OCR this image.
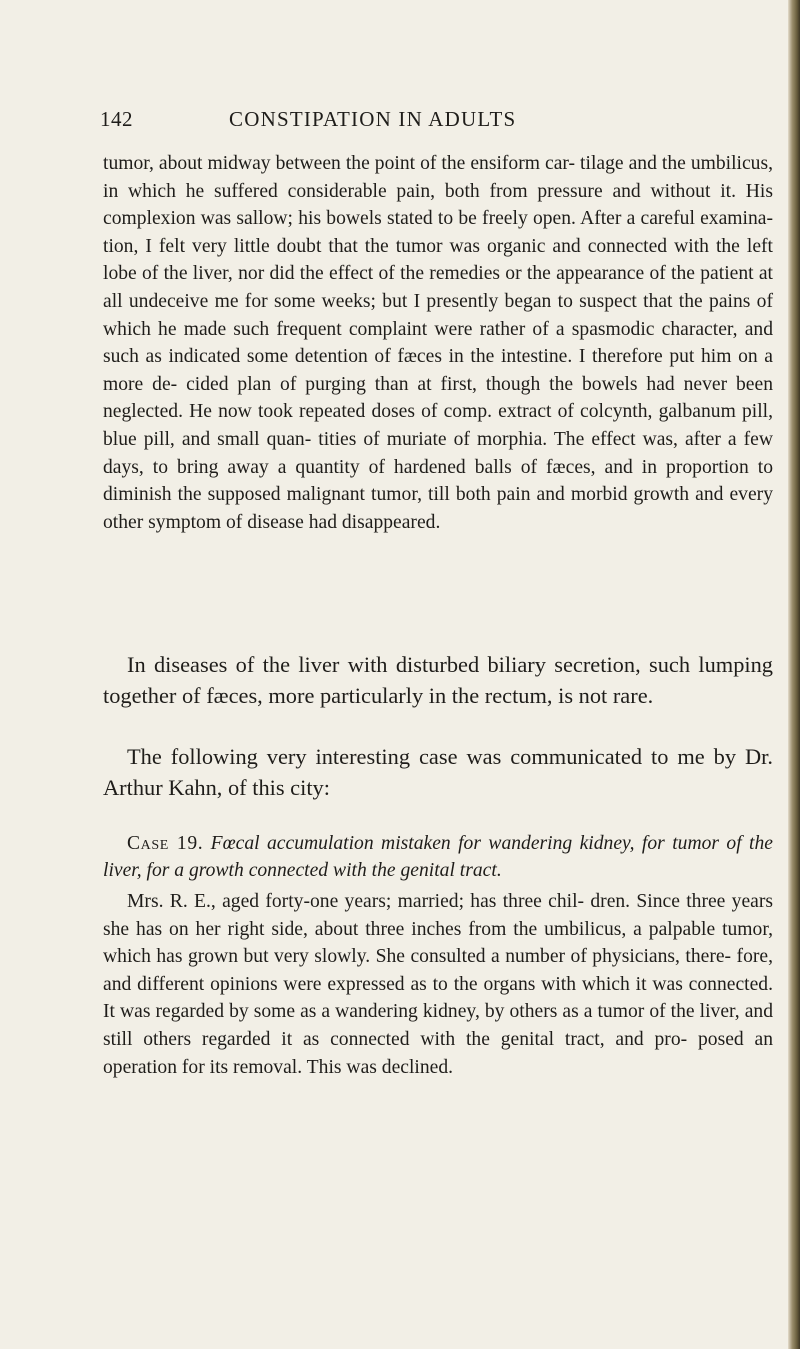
142	CONSTIPATION IN ADULTS

tumor, about midway between the point of the ensiform car- tilage and the umbilicus, in which he suffered considerable pain, both from pressure and without it. His complexion was sallow; his bowels stated to be freely open. After a careful examina- tion, I felt very little doubt that the tumor was organic and connected with the left lobe of the liver, nor did the effect of the remedies or the appearance of the patient at all undeceive me for some weeks; but I presently began to suspect that the pains of which he made such frequent complaint were rather of a spasmodic character, and such as indicated some detention of fæces in the intestine. I therefore put him on a more de- cided plan of purging than at first, though the bowels had never been neglected. He now took repeated doses of comp. extract of colcynth, galbanum pill, blue pill, and small quan- tities of muriate of morphia. The effect was, after a few days, to bring away a quantity of hardened balls of fæces, and in proportion to diminish the supposed malignant tumor, till both pain and morbid growth and every other symptom of disease had disappeared.

In diseases of the liver with disturbed biliary secretion, such lumping together of fæces, more particularly in the rectum, is not rare.

The following very interesting case was communicated to me by Dr. Arthur Kahn, of this city:

Case 19. Fœcal accumulation mistaken for wandering kidney, for tumor of the liver, for a growth connected with the genital tract.

Mrs. R. E., aged forty-one years; married; has three chil- dren. Since three years she has on her right side, about three inches from the umbilicus, a palpable tumor, which has grown but very slowly. She consulted a number of physicians, there- fore, and different opinions were expressed as to the organs with which it was connected. It was regarded by some as a wandering kidney, by others as a tumor of the liver, and still others regarded it as connected with the genital tract, and pro- posed an operation for its removal. This was declined.
